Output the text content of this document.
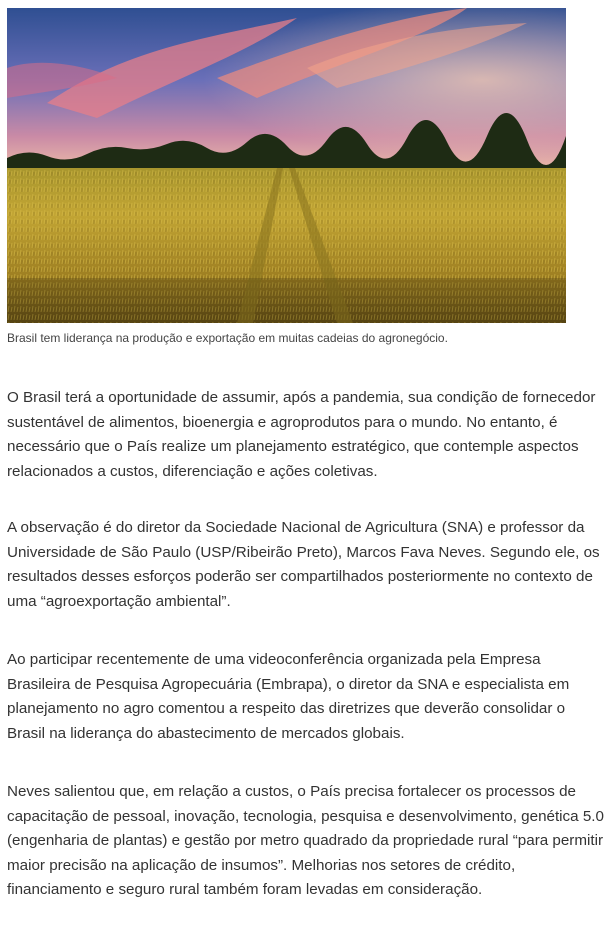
Brasil tem liderança na produção e exportação em muitas cadeias do agronegócio.

O Brasil terá a oportunidade de assumir, após a pandemia, sua condição de fornecedor sustentável de alimentos, bioenergia e agroprodutos para o mundo. No entanto, é necessário que o País realize um planejamento estratégico, que contemple aspectos relacionados a custos, diferenciação e ações coletivas.

A observação é do diretor da Sociedade Nacional de Agricultura (SNA) e professor da Universidade de São Paulo (USP/Ribeirão Preto), Marcos Fava Neves. Segundo ele, os resultados desses esforços poderão ser compartilhados posteriormente no contexto de uma “agroexportação ambiental”.

Ao participar recentemente de uma videoconferência organizada pela Empresa Brasileira de Pesquisa Agropecuária (Embrapa), o diretor da SNA e especialista em planejamento no agro comentou a respeito das diretrizes que deverão consolidar o Brasil na liderança do abastecimento de mercados globais.

Neves salientou que, em relação a custos, o País precisa fortalecer os processos de capacitação de pessoal, inovação, tecnologia, pesquisa e desenvolvimento, genética 5.0 (engenharia de plantas) e gestão por metro quadrado da propriedade rural “para permitir maior precisão na aplicação de insumos”. Melhorias nos setores de crédito, financiamento e seguro rural também foram levadas em consideração.
